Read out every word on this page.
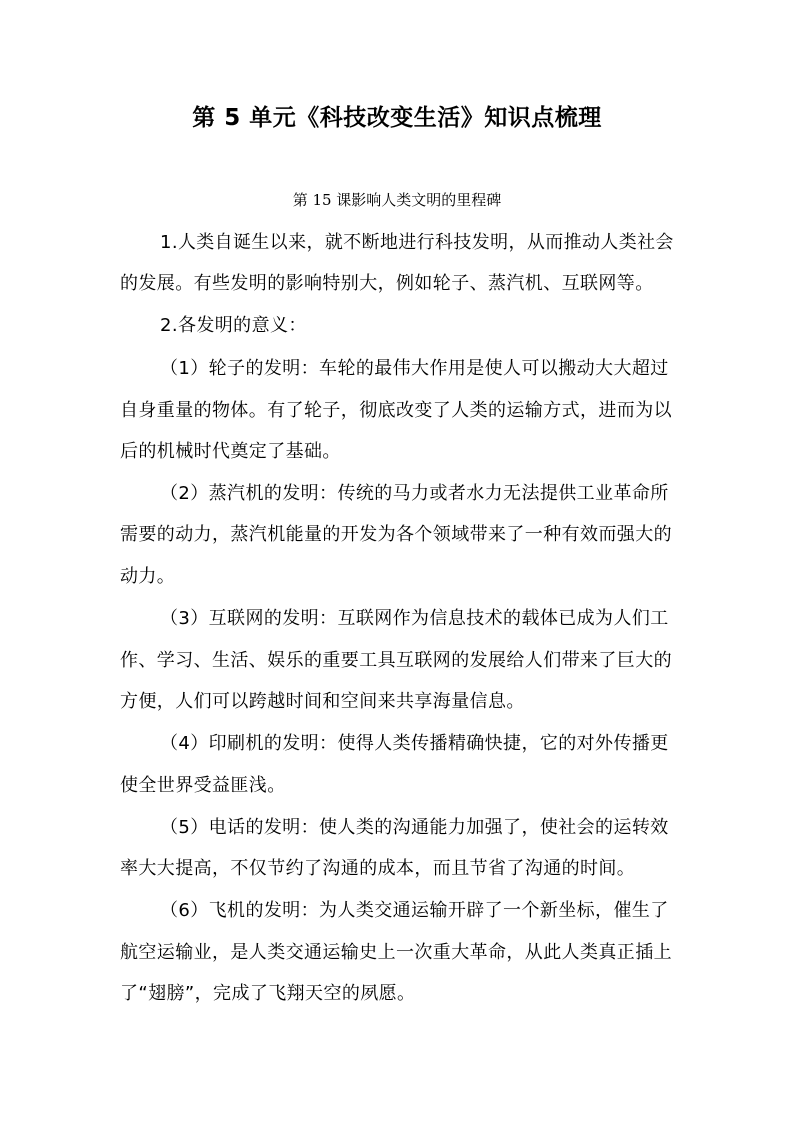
第 5 单元《科技改变生活》知识点梳理
第 15 课影响人类文明的里程碑
1.人类自诞生以来，就不断地进行科技发明，从而推动人类社会
的发展。有些发明的影响特别大，例如轮子、蒸汽机、互联网等。
2.各发明的意义：
（1）轮子的发明：车轮的最伟大作用是使人可以搬动大大超过
自身重量的物体。有了轮子，彻底改变了人类的运输方式，进而为以
后的机械时代奠定了基础。
（2）蒸汽机的发明：传统的马力或者水力无法提供工业革命所
需要的动力，蒸汽机能量的开发为各个领域带来了一种有效而强大的
动力。
（3）互联网的发明：互联网作为信息技术的载体已成为人们工
作、学习、生活、娱乐的重要工具互联网的发展给人们带来了巨大的
方便，人们可以跨越时间和空间来共享海量信息。
（4）印刷机的发明：使得人类传播精确快捷，它的对外传播更
使全世界受益匪浅。
（5）电话的发明：使人类的沟通能力加强了，使社会的运转效
率大大提高，不仅节约了沟通的成本，而且节省了沟通的时间。
（6）飞机的发明：为人类交通运输开辟了一个新坐标，催生了
航空运输业，是人类交通运输史上一次重大革命，从此人类真正插上
了“翅膀”，完成了飞翔天空的夙愿。
